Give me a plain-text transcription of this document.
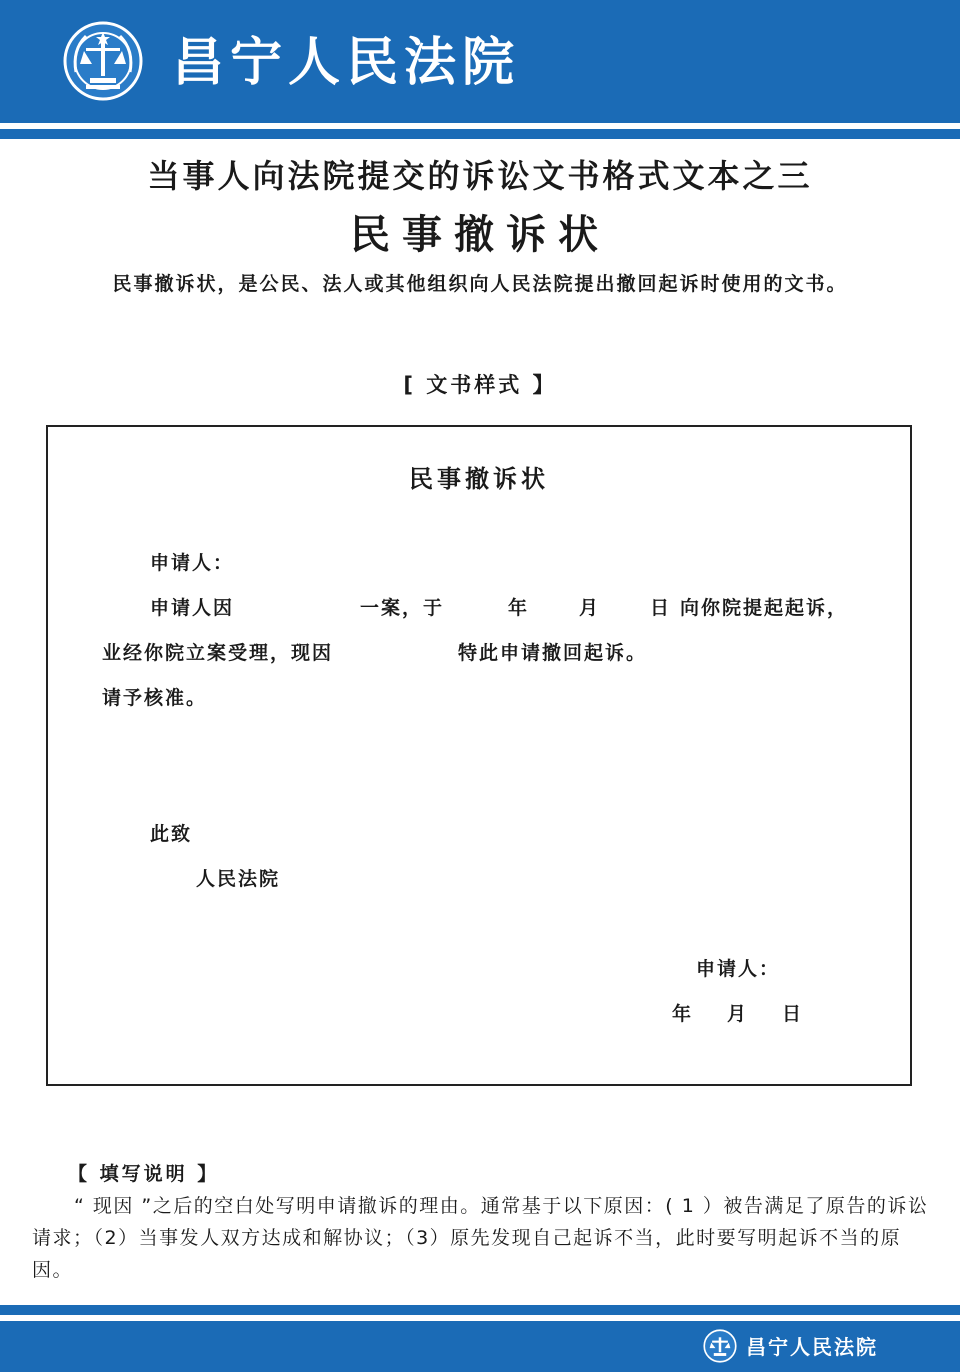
昌宁人民法院
当事人向法院提交的诉讼文书格式文本之三
民事撤诉状
民事撤诉状，是公民、法人或其他组织向人民法院提出撤回起诉时使用的文书。
[ 文书样式 】
民事撤诉状
申请人：
申请人因	一案，于	年	月	日 向你院提起起诉，
业经你院立案受理，现因	特此申请撤回起诉。
请予核准。
此致
人民法院
申请人：
年 月 日
【 填写说明 】
“ 现因 ”之后的空白处写明申请撤诉的理由。通常基于以下原因：( 1 ）被告满足了原告的诉讼请求；（2）当事发人双方达成和解协议；（3）原先发现自己起诉不当，此时要写明起诉不当的原因。
昌宁人民法院
